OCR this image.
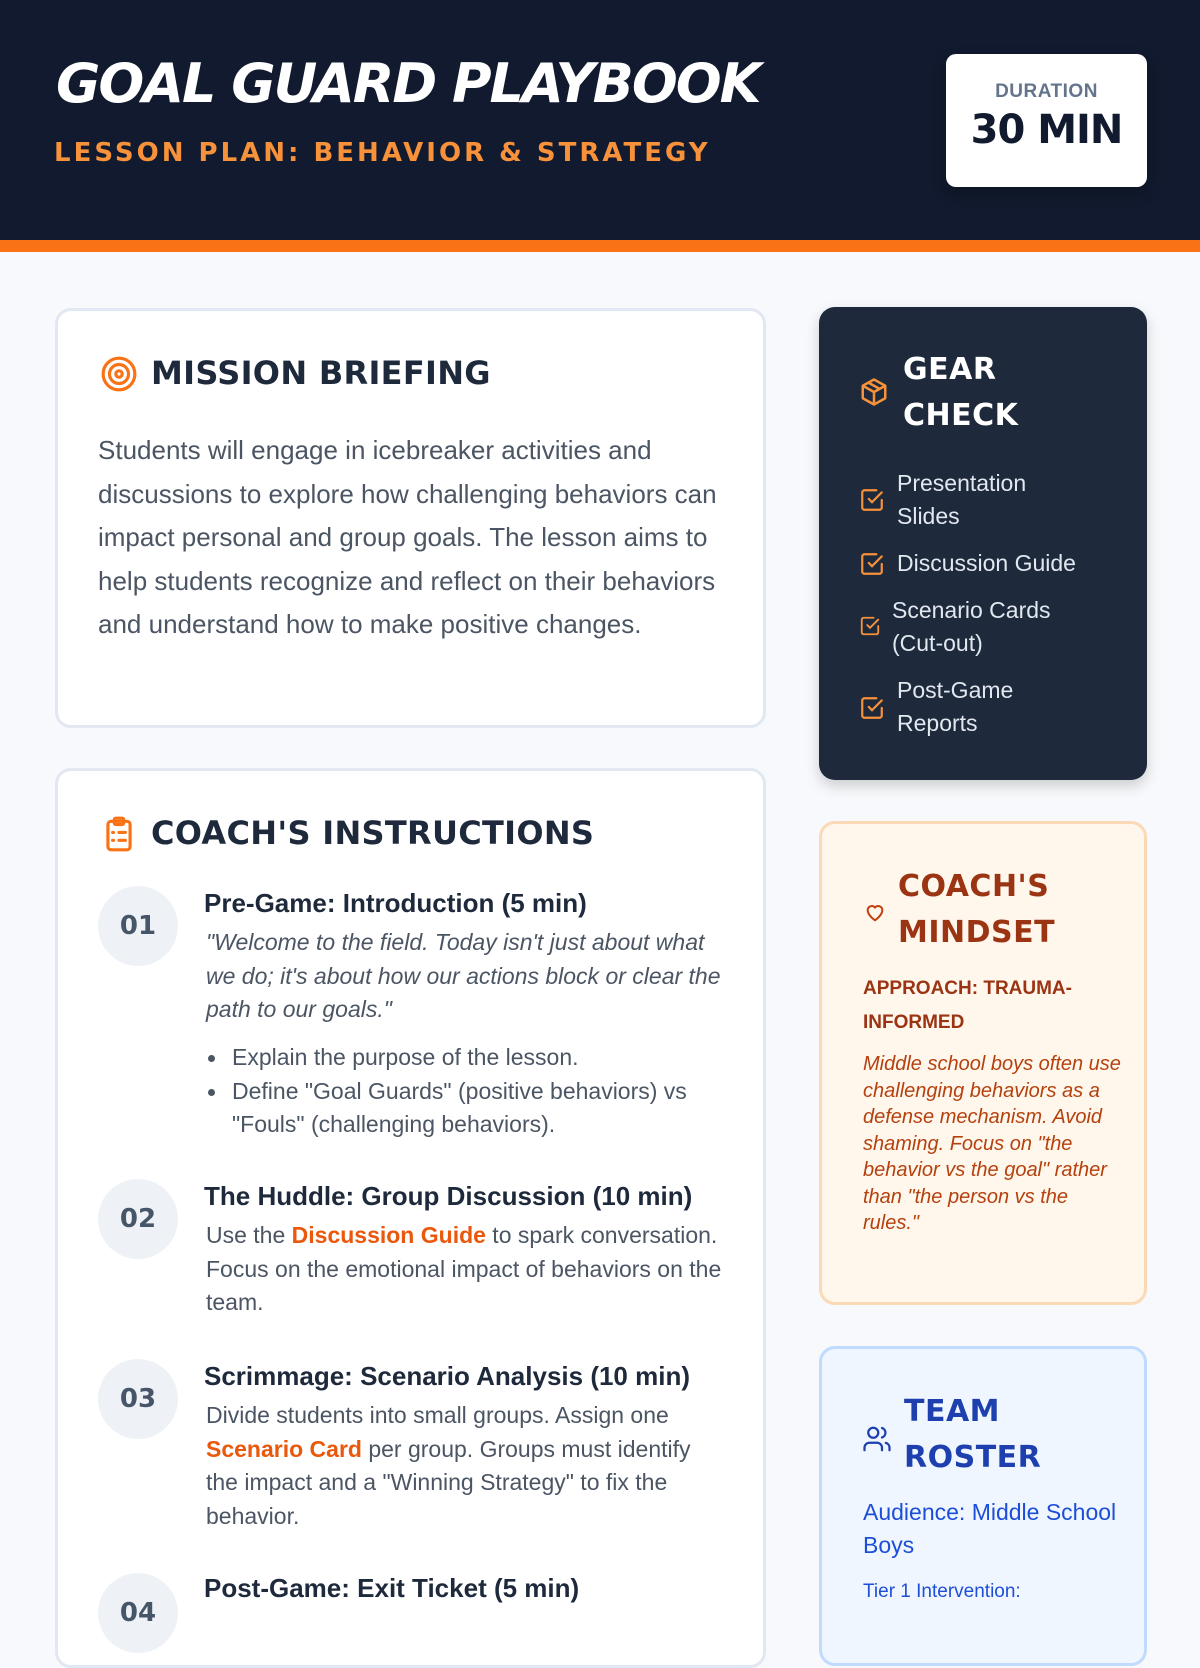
GOAL GUARD PLAYBOOK
LESSON PLAN: BEHAVIOR & STRATEGY
DURATION
30 MIN
MISSION BRIEFING
Students will engage in icebreaker activities and discussions to explore how challenging behaviors can impact personal and group goals. The lesson aims to help students recognize and reflect on their behaviors and understand how to make positive changes.
COACH'S INSTRUCTIONS
01
Pre-Game: Introduction (5 min)
"Welcome to the field. Today isn't just about what we do; it's about how our actions block or clear the path to our goals."
Explain the purpose of the lesson.
Define "Goal Guards" (positive behaviors) vs "Fouls" (challenging behaviors).
02
The Huddle: Group Discussion (10 min)
Use the Discussion Guide to spark conversation. Focus on the emotional impact of behaviors on the team.
03
Scrimmage: Scenario Analysis (10 min)
Divide students into small groups. Assign one Scenario Card per group. Groups must identify the impact and a "Winning Strategy" to fix the behavior.
04
Post-Game: Exit Ticket (5 min)
GEAR CHECK
Presentation Slides
Discussion Guide
Scenario Cards (Cut-out)
Post-Game Reports
COACH'S MINDSET
APPROACH: TRAUMA-INFORMED
Middle school boys often use challenging behaviors as a defense mechanism. Avoid shaming. Focus on "the behavior vs the goal" rather than "the person vs the rules."
TEAM ROSTER
Audience: Middle School Boys
Tier 1 Intervention:
